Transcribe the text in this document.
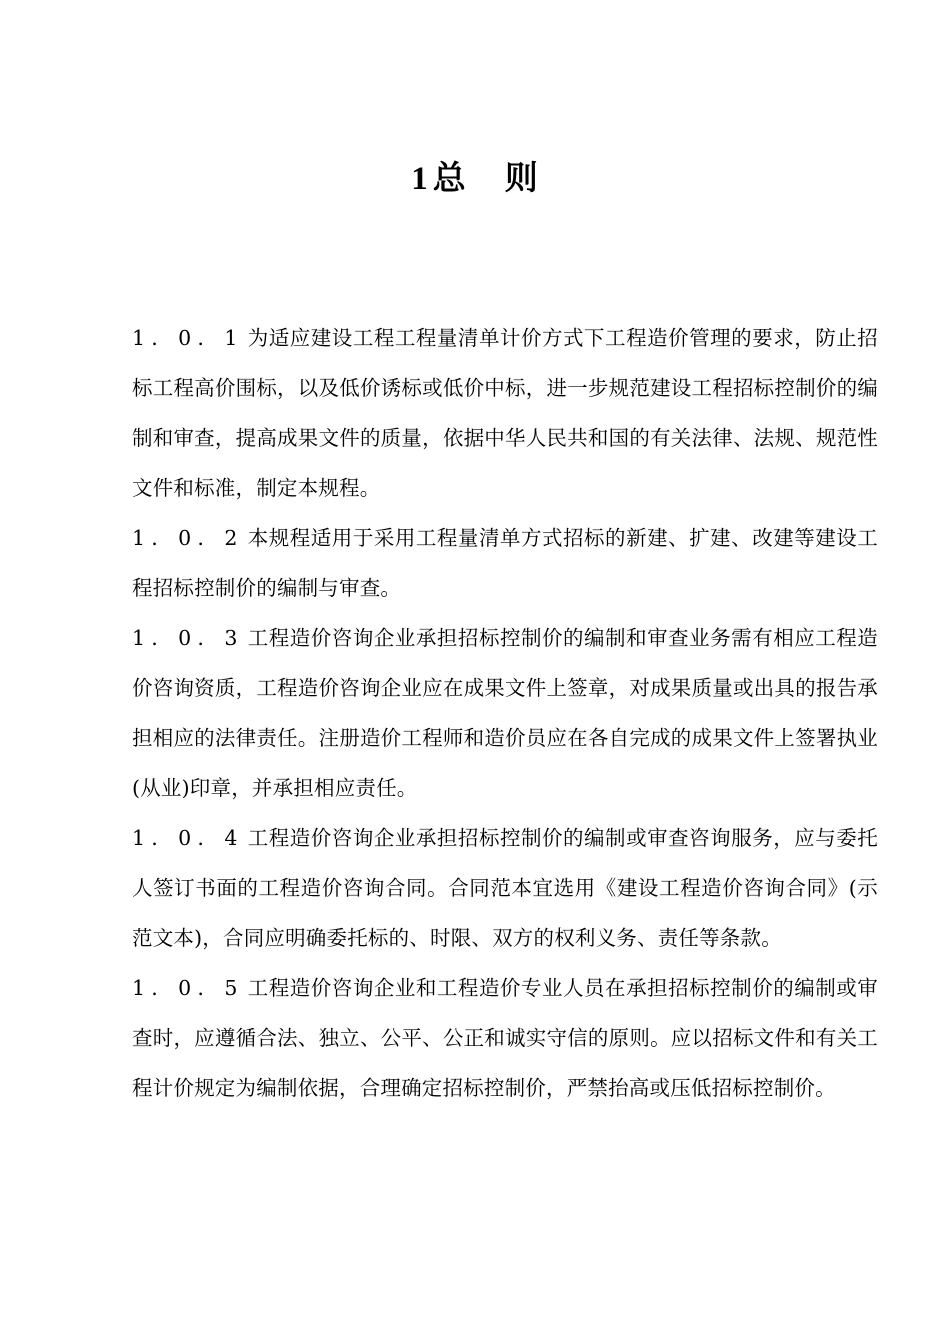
1 总 则

1．0．1 为适应建设工程工程量清单计价方式下工程造价管理的要求，防止招标工程高价围标，以及低价诱标或低价中标，进一步规范建设工程招标控制价的编制和审查，提高成果文件的质量，依据中华人民共和国的有关法律、法规、规范性文件和标准，制定本规程。

1．0．2 本规程适用于采用工程量清单方式招标的新建、扩建、改建等建设工程招标控制价的编制与审查。

1．0．3 工程造价咨询企业承担招标控制价的编制和审查业务需有相应工程造价咨询资质，工程造价咨询企业应在成果文件上签章，对成果质量或出具的报告承担相应的法律责任。注册造价工程师和造价员应在各自完成的成果文件上签署执业(从业)印章，并承担相应责任。

1．0．4 工程造价咨询企业承担招标控制价的编制或审查咨询服务，应与委托人签订书面的工程造价咨询合同。合同范本宜选用《建设工程造价咨询合同》(示范文本)，合同应明确委托标的、时限、双方的权利义务、责任等条款。

1．0．5 工程造价咨询企业和工程造价专业人员在承担招标控制价的编制或审查时，应遵循合法、独立、公平、公正和诚实守信的原则。应以招标文件和有关工程计价规定为编制依据，合理确定招标控制价，严禁抬高或压低招标控制价。
